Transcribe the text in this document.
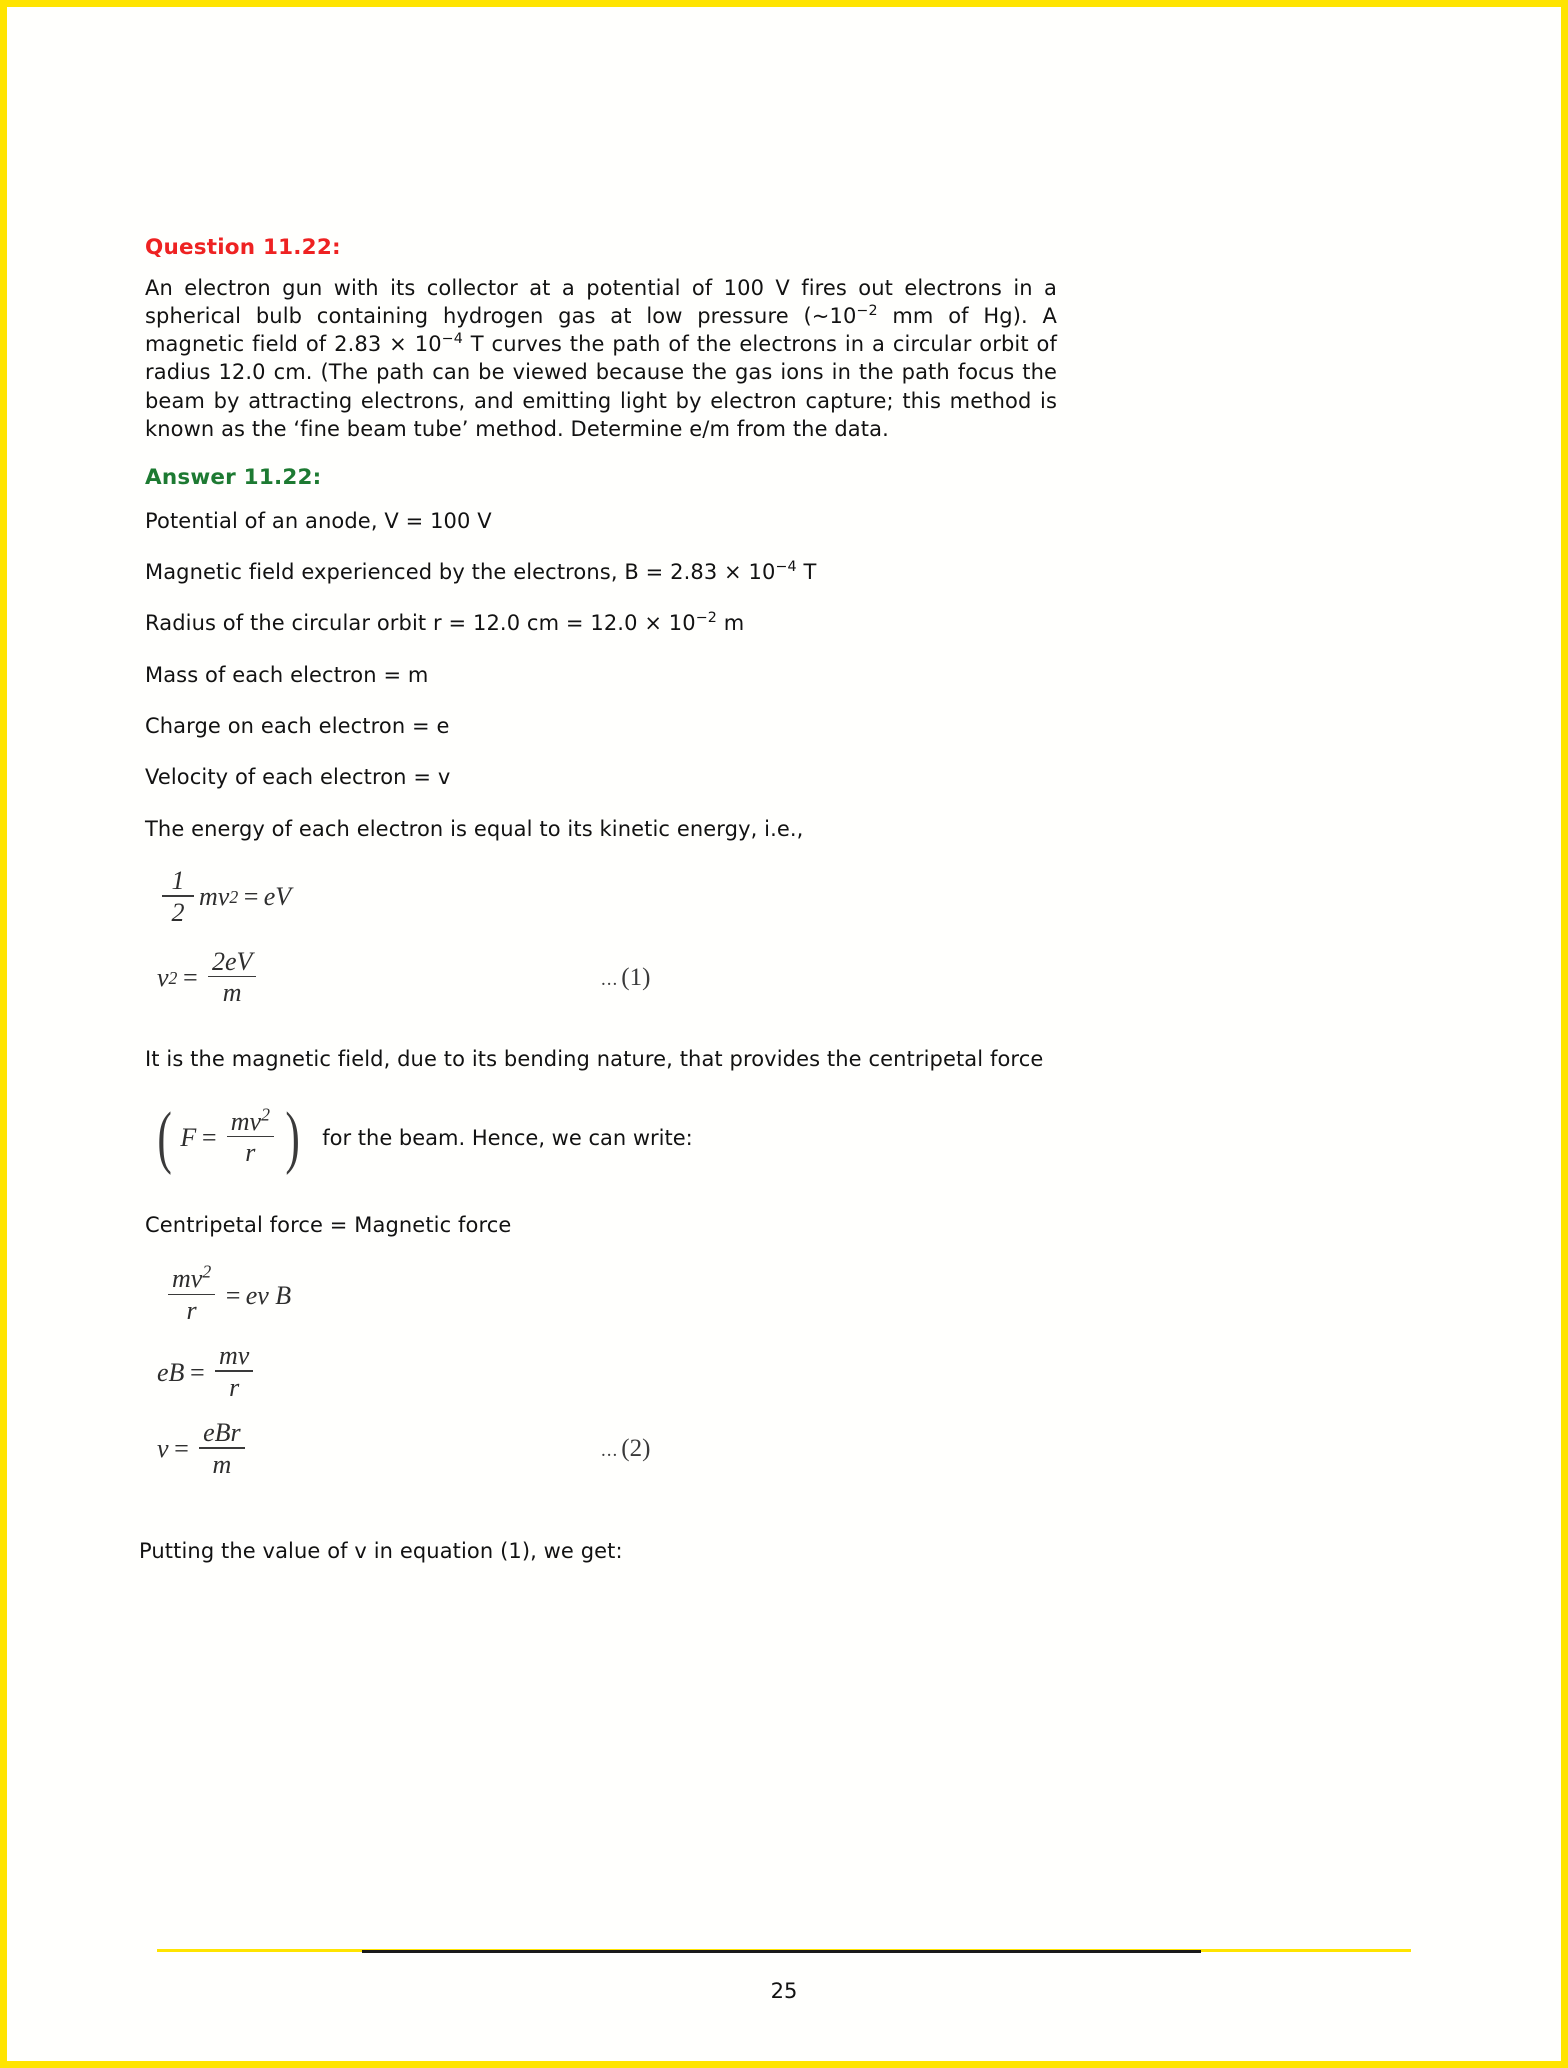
Question 11.22:

An electron gun with its collector at a potential of 100 V fires out electrons in a spherical bulb containing hydrogen gas at low pressure ($\sim 10^{-2}$ mm of Hg). A magnetic field of $2.83 \times 10^{-4}$ T curves the path of the electrons in a circular orbit of radius 12.0 cm. (The path can be viewed because the gas ions in the path focus the beam by attracting electrons, and emitting light by electron capture; this method is known as the ‘fine beam tube’ method. Determine e/m from the data.

Answer 11.22:
Potential of an anode, V = 100 V
Magnetic field experienced by the electrons, $B = 2.83 \times 10^{-4}$ T
Radius of the circular orbit r = 12.0 cm = $12.0 \times 10^{-2}$ m
Mass of each electron = m
Charge on each electron = e
Velocity of each electron = v
The energy of each electron is equal to its kinetic energy, i.e.,
$\frac{1}{2}$ mv 2 = eV
v $2 = \frac{2eV}{m}$	... (1)
It is the magnetic field, due to its bending nature, that provides the centripetal force
( $F = \frac{mv^2}{r}$ ) for the beam. Hence, we can write:
Centripetal force = Magnetic force
$\frac{mv^2}{r}$ = ev B
eB = $\frac{mv}{r}$
$v = \frac{\text{eBr}}{m}$	... (2)
Putting the value of v in equation (1), we get:
25
